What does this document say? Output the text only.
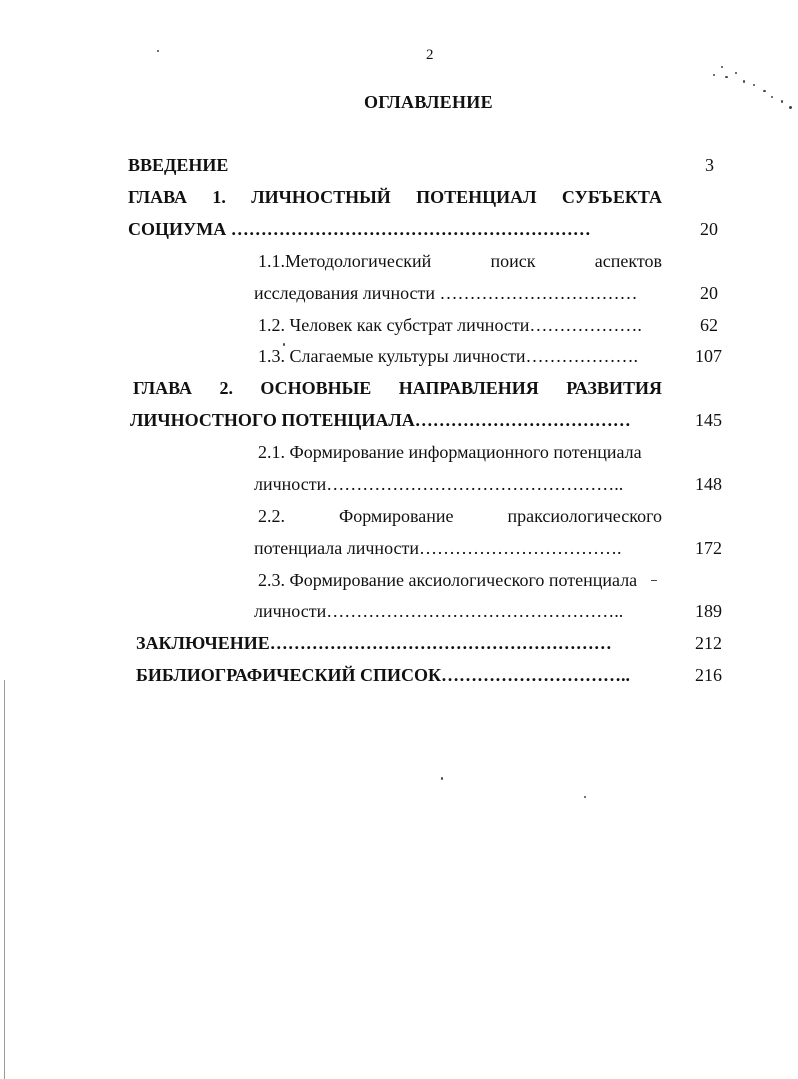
2
ОГЛАВЛЕНИЕ
ВВЕДЕНИЕ	3
ГЛАВА 1. ЛИЧНОСТНЫЙ ПОТЕНЦИАЛ СУБЪЕКТА
СОЦИУМА ……………………………………………………	20
1.1.Методологический	поиск	аспектов
исследования личности ……………………………	20
1.2. Человек как субстрат личности……………….	62
1.3. Слагаемые культуры личности……………….	107
ГЛАВА 2. ОСНОВНЫЕ НАПРАВЛЕНИЯ РАЗВИТИЯ
ЛИЧНОСТНОГО ПОТЕНЦИАЛА………………………………	145
2.1. Формирование информационного потенциала
личности…………………………………………..	148
2.2.	Формирование	праксиологического
потенциала личности…………………………….	172
2.3. Формирование аксиологического потенциала
личности…………………………………………..	189
ЗАКЛЮЧЕНИЕ…………………………………………………	212
БИБЛИОГРАФИЧЕСКИЙ СПИСОК…………………………..	216
